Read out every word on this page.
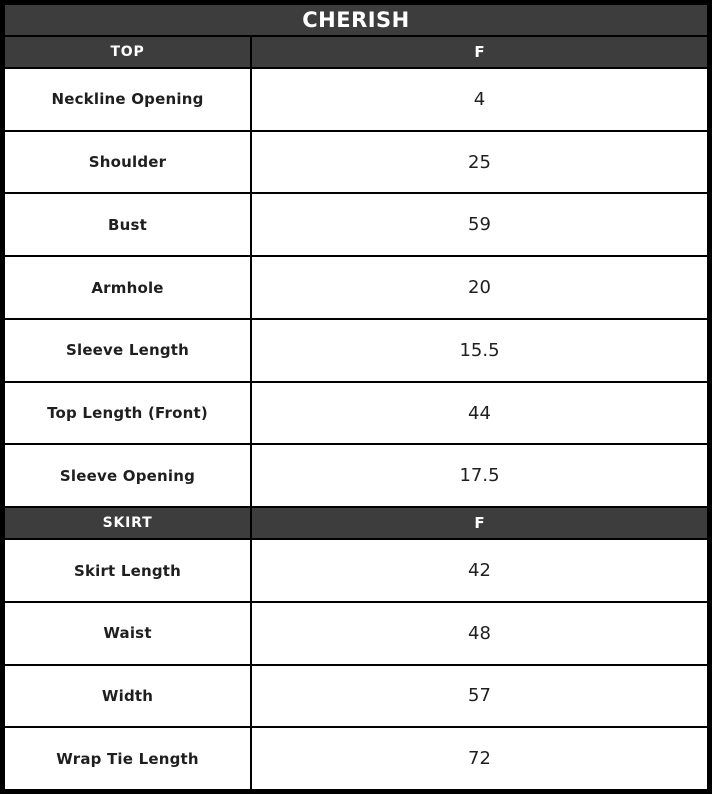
CHERISH
TOP	F
Neckline Opening	4
Shoulder	25
Bust	59
Armhole	20
Sleeve Length	15.5
Top Length (Front)	44
Sleeve Opening	17.5
SKIRT	F
Skirt Length	42
Waist	48
Width	57
Wrap Tie Length	72
